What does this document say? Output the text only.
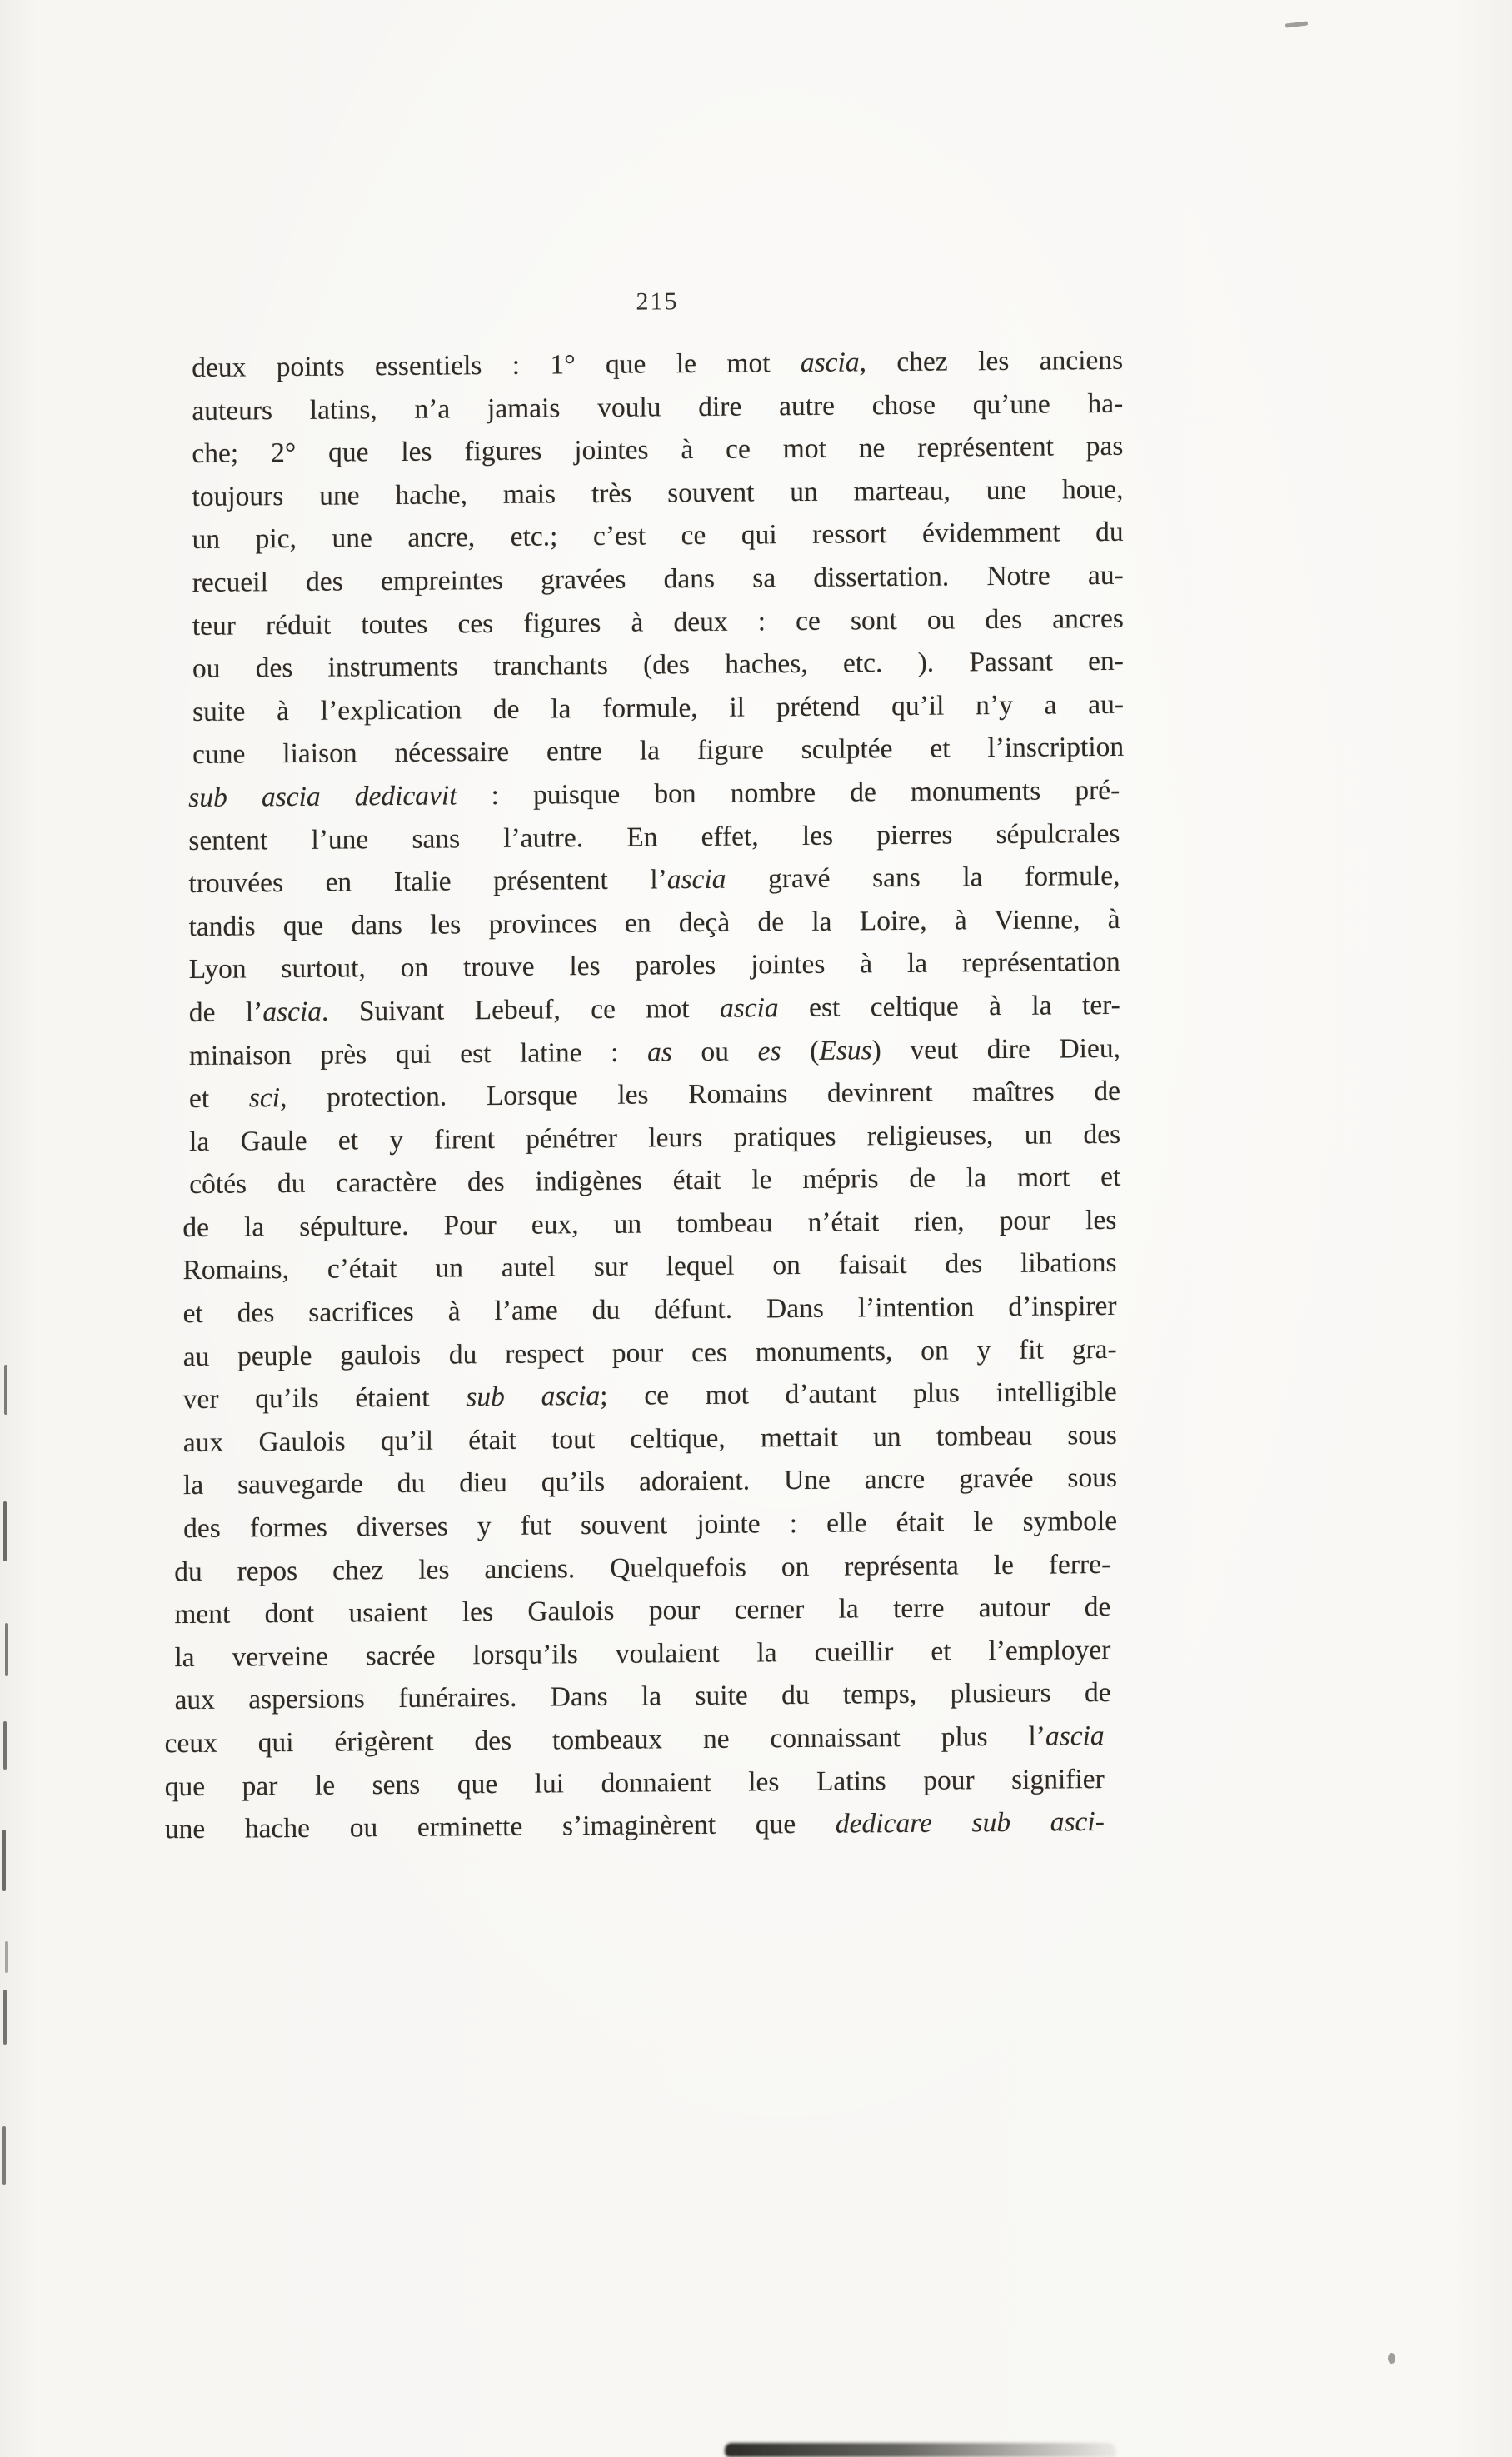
215
deux points essentiels : 1° que le mot ascia, chez les anciens
auteurs latins, n’a jamais voulu dire autre chose qu’une ha-
che; 2° que les figures jointes à ce mot ne représentent pas
toujours une hache, mais très souvent un marteau, une houe,
un pic, une ancre, etc.; c’est ce qui ressort évidemment du
recueil des empreintes gravées dans sa dissertation. Notre au-
teur réduit toutes ces figures à deux : ce sont ou des ancres
ou des instruments tranchants (des haches, etc. ). Passant en-
suite à l’explication de la formule, il prétend qu’il n’y a au-
cune liaison nécessaire entre la figure sculptée et l’inscription
sub ascia dedicavit : puisque bon nombre de monuments pré-
sentent l’une sans l’autre. En effet, les pierres sépulcrales
trouvées en Italie présentent l’ascia gravé sans la formule,
tandis que dans les provinces en deçà de la Loire, à Vienne, à
Lyon surtout, on trouve les paroles jointes à la représentation
de l’ascia. Suivant Lebeuf, ce mot ascia est celtique à la ter-
minaison près qui est latine : as ou es (Esus) veut dire Dieu,
et sci, protection. Lorsque les Romains devinrent maîtres de
la Gaule et y firent pénétrer leurs pratiques religieuses, un des
côtés du caractère des indigènes était le mépris de la mort et
de la sépulture. Pour eux, un tombeau n’était rien, pour les
Romains, c’était un autel sur lequel on faisait des libations
et des sacrifices à l’ame du défunt. Dans l’intention d’inspirer
au peuple gaulois du respect pour ces monuments, on y fit gra-
ver qu’ils étaient sub ascia; ce mot d’autant plus intelligible
aux Gaulois qu’il était tout celtique, mettait un tombeau sous
la sauvegarde du dieu qu’ils adoraient. Une ancre gravée sous
des formes diverses y fut souvent jointe : elle était le symbole
du repos chez les anciens. Quelquefois on représenta le ferre-
ment dont usaient les Gaulois pour cerner la terre autour de
la verveine sacrée lorsqu’ils voulaient la cueillir et l’employer
aux aspersions funéraires. Dans la suite du temps, plusieurs de
ceux qui érigèrent des tombeaux ne connaissant plus l’ascia
que par le sens que lui donnaient les Latins pour signifier
une hache ou erminette s’imaginèrent que dedicare sub asci-
